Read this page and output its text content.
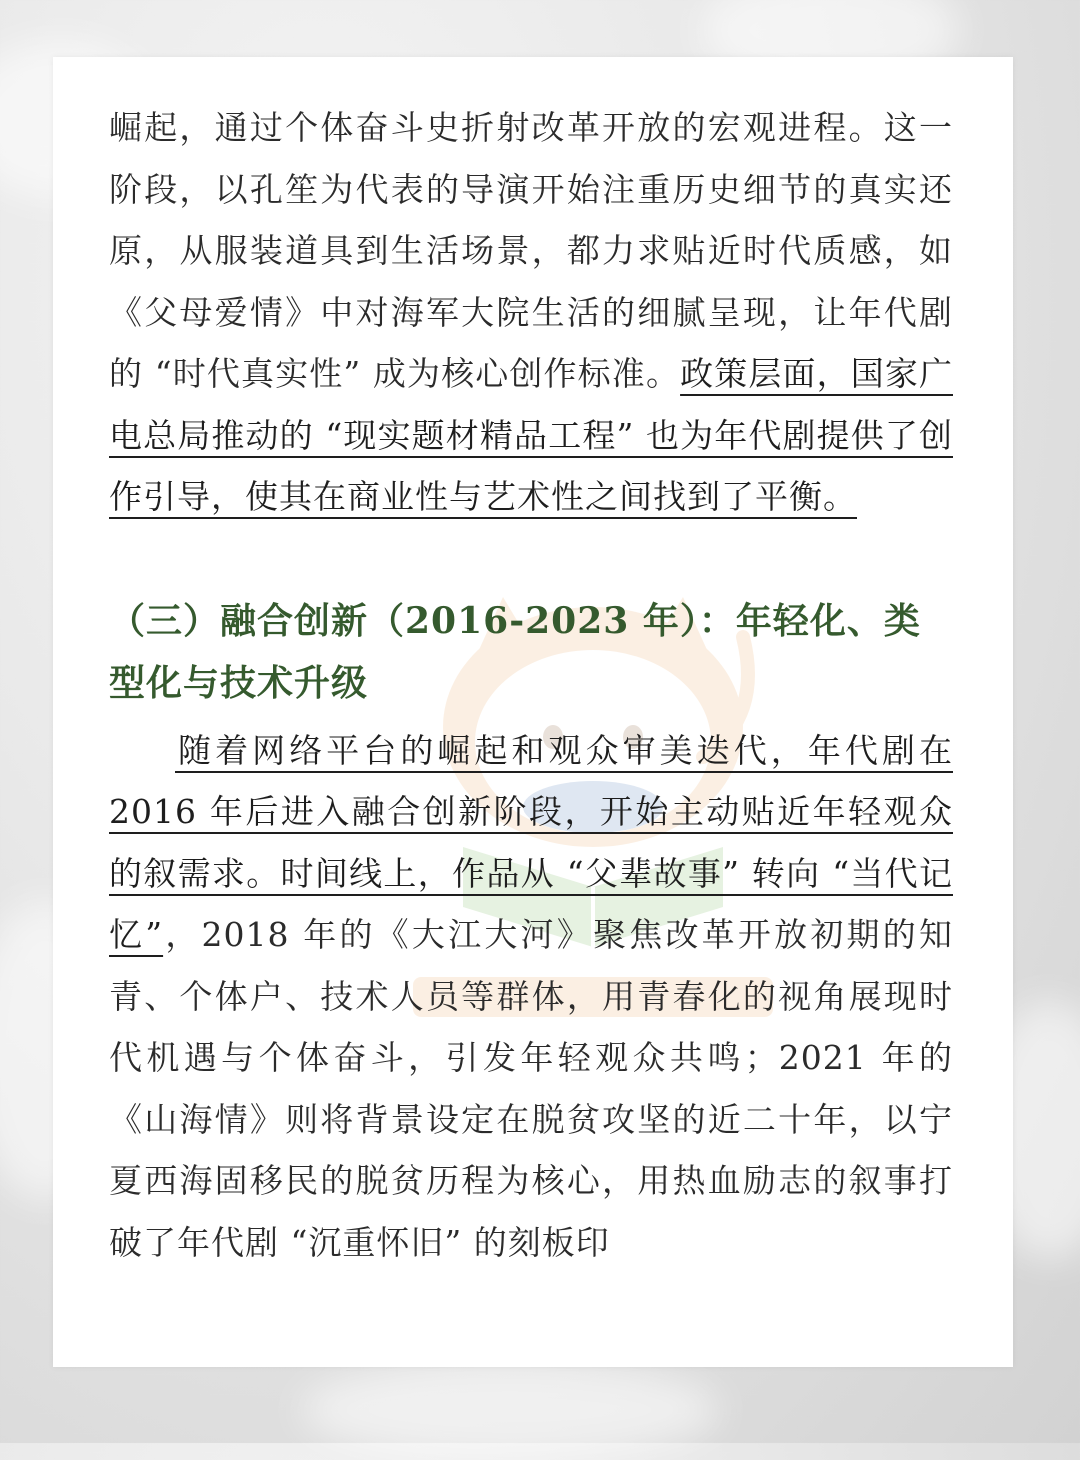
崛起，通过个体奋斗史折射改革开放的宏观进程。这一阶段，以孔笙为代表的导演开始注重历史细节的真实还原，从服装道具到生活场景，都力求贴近时代质感，如《父母爱情》中对海军大院生活的细腻呈现，让年代剧的 “时代真实性” 成为核心创作标准。政策层面，国家广电总局推动的 “现实题材精品工程” 也为年代剧提供了创作引导，使其在商业性与艺术性之间找到了平衡。

（三）融合创新（2016-2023 年）：年轻化、类型化与技术升级

随着网络平台的崛起和观众审美迭代，年代剧在 2016 年后进入融合创新阶段，开始主动贴近年轻观众的叙需求。时间线上，作品从 “父辈故事” 转向 “当代记忆”，2018 年的《大江大河》聚焦改革开放初期的知青、个体户、技术人员等群体，用青春化的视角展现时 代机遇与个体奋斗，引发年轻观众共鸣；2021 年的《山海情》则将背景设定在脱贫攻坚的近二十年，以宁夏西海固移民的脱贫历程为核心，用热血励志的叙事打破了年代剧 “沉重怀旧” 的刻板印
